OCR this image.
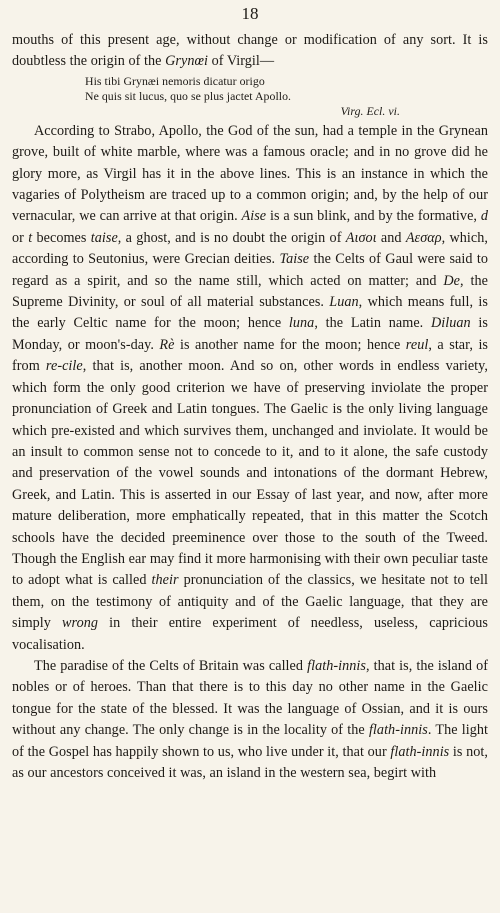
18

mouths of this present age, without change or modification of any sort. It is doubtless the origin of the Grynœi of Virgil—

His tibi Grynæi nemoris dicatur origo
Ne quis sit lucus, quo se plus jactet Apollo.
Virg. Ecl. vi.

According to Strabo, Apollo, the God of the sun, had a temple in the Grynean grove, built of white marble, where was a famous oracle; and in no grove did he glory more, as Virgil has it in the above lines. This is an instance in which the vagaries of Polytheism are traced up to a common origin; and, by the help of our vernacular, we can arrive at that origin. Aise is a sun blink, and by the formative, d or t becomes taise, a ghost, and is no doubt the origin of Αισοι and Αεσαρ, which, according to Seutonius, were Grecian deities. Taise the Celts of Gaul were said to regard as a spirit, and so the name still, which acted on matter; and De, the Supreme Divinity, or soul of all material substances. Luan, which means full, is the early Celtic name for the moon; hence luna, the Latin name. Diluan is Monday, or moon's-day. Rè is another name for the moon; hence reul, a star, is from re-cile, that is, another moon. And so on, other words in endless variety, which form the only good criterion we have of preserving inviolate the proper pronunciation of Greek and Latin tongues. The Gaelic is the only living language which pre-existed and which survives them, unchanged and inviolate. It would be an insult to common sense not to concede to it, and to it alone, the safe custody and preservation of the vowel sounds and intonations of the dormant Hebrew, Greek, and Latin. This is asserted in our Essay of last year, and now, after more mature deliberation, more emphatically repeated, that in this matter the Scotch schools have the decided preeminence over those to the south of the Tweed. Though the English ear may find it more harmonising with their own peculiar taste to adopt what is called their pronunciation of the classics, we hesitate not to tell them, on the testimony of antiquity and of the Gaelic language, that they are simply wrong in their entire experiment of needless, useless, capricious vocalisation.

The paradise of the Celts of Britain was called flath-innis, that is, the island of nobles or of heroes. Than that there is to this day no other name in the Gaelic tongue for the state of the blessed. It was the language of Ossian, and it is ours without any change. The only change is in the locality of the flath-innis. The light of the Gospel has happily shown to us, who live under it, that our flath-innis is not, as our ancestors conceived it was, an island in the western sea, begirt with
